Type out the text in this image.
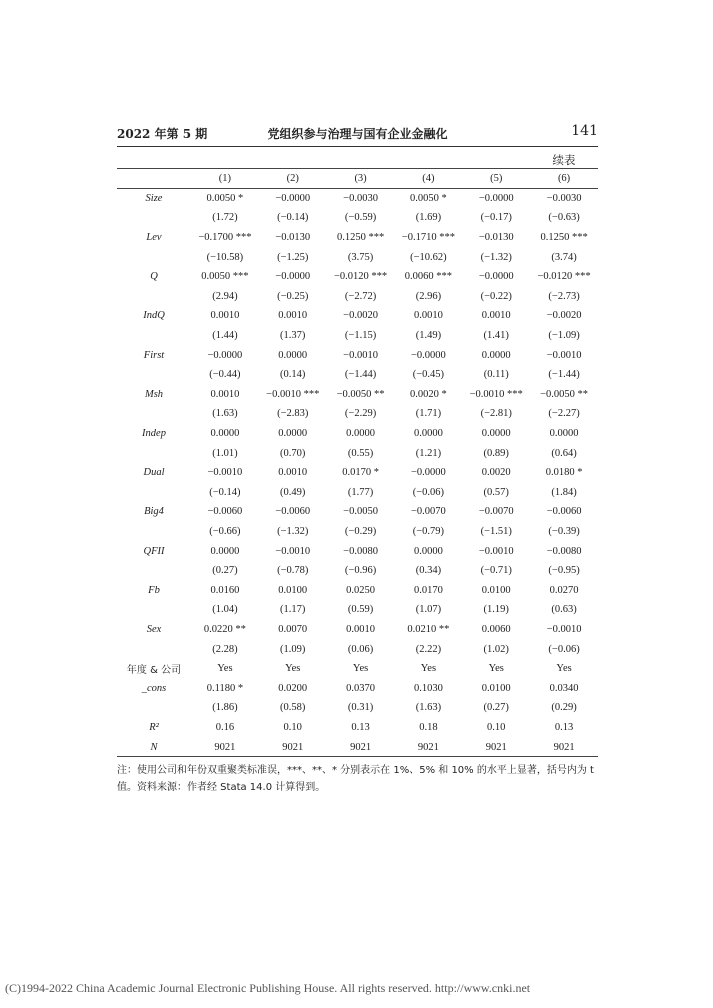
2022 年第 5 期	党组织参与治理与国有企业金融化	141
续表
	(1)	(2)	(3)	(4)	(5)	(6)
Size	0.0050 *	−0.0000	−0.0030	0.0050 *	−0.0000	−0.0030
	(1.72)	(−0.14)	(−0.59)	(1.69)	(−0.17)	(−0.63)
Lev	−0.1700 ***	−0.0130	0.1250 ***	−0.1710 ***	−0.0130	0.1250 ***
	(−10.58)	(−1.25)	(3.75)	(−10.62)	(−1.32)	(3.74)
Q	0.0050 ***	−0.0000	−0.0120 ***	0.0060 ***	−0.0000	−0.0120 ***
	(2.94)	(−0.25)	(−2.72)	(2.96)	(−0.22)	(−2.73)
IndQ	0.0010	0.0010	−0.0020	0.0010	0.0010	−0.0020
	(1.44)	(1.37)	(−1.15)	(1.49)	(1.41)	(−1.09)
First	−0.0000	0.0000	−0.0010	−0.0000	0.0000	−0.0010
	(−0.44)	(0.14)	(−1.44)	(−0.45)	(0.11)	(−1.44)
Msh	0.0010	−0.0010 ***	−0.0050 **	0.0020 *	−0.0010 ***	−0.0050 **
	(1.63)	(−2.83)	(−2.29)	(1.71)	(−2.81)	(−2.27)
Indep	0.0000	0.0000	0.0000	0.0000	0.0000	0.0000
	(1.01)	(0.70)	(0.55)	(1.21)	(0.89)	(0.64)
Dual	−0.0010	0.0010	0.0170 *	−0.0000	0.0020	0.0180 *
	(−0.14)	(0.49)	(1.77)	(−0.06)	(0.57)	(1.84)
Big4	−0.0060	−0.0060	−0.0050	−0.0070	−0.0070	−0.0060
	(−0.66)	(−1.32)	(−0.29)	(−0.79)	(−1.51)	(−0.39)
QFII	0.0000	−0.0010	−0.0080	0.0000	−0.0010	−0.0080
	(0.27)	(−0.78)	(−0.96)	(0.34)	(−0.71)	(−0.95)
Fb	0.0160	0.0100	0.0250	0.0170	0.0100	0.0270
	(1.04)	(1.17)	(0.59)	(1.07)	(1.19)	(0.63)
Sex	0.0220 **	0.0070	0.0010	0.0210 **	0.0060	−0.0010
	(2.28)	(1.09)	(0.06)	(2.22)	(1.02)	(−0.06)
年度 & 公司	Yes	Yes	Yes	Yes	Yes	Yes
_cons	0.1180 *	0.0200	0.0370	0.1030	0.0100	0.0340
	(1.86)	(0.58)	(0.31)	(1.63)	(0.27)	(0.29)
R²	0.16	0.10	0.13	0.18	0.10	0.13
N	9021	9021	9021	9021	9021	9021
注：使用公司和年份双重聚类标准误，***、**、* 分别表示在 1%、5% 和 10% 的水平上显著，括号内为 t 值。资料来源：作者经 Stata 14.0 计算得到。
(C)1994-2022 China Academic Journal Electronic Publishing House. All rights reserved. http://www.cnki.net
